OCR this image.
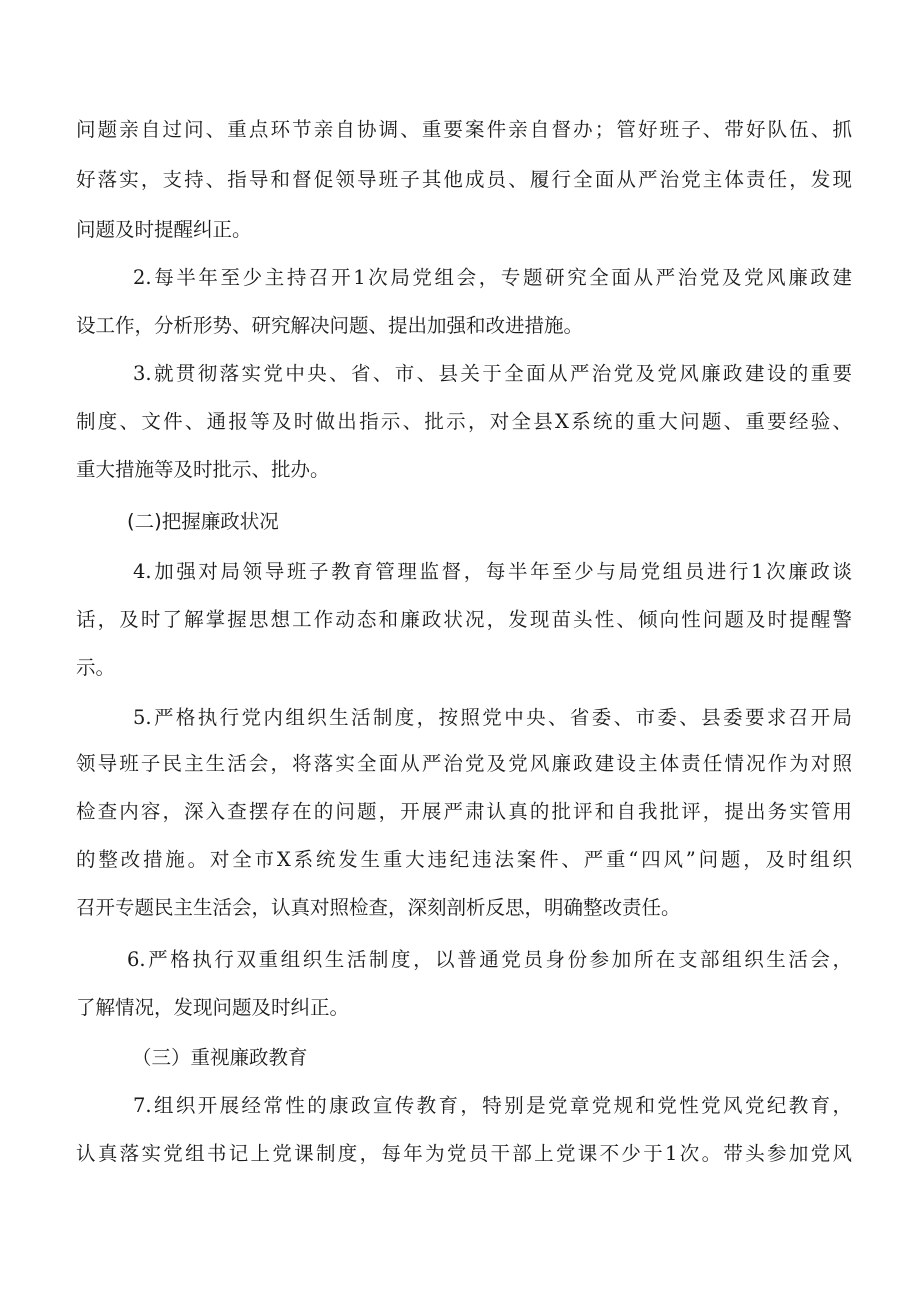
问题亲自过问、重点环节亲自协调、重要案件亲自督办；管好班子、带好队伍、抓
好落实，支持、指导和督促领导班子其他成员、履行全面从严治党主体责任，发现
问题及时提醒纠正。
2.每半年至少主持召开1次局党组会，专题研究全面从严治党及党风廉政建
设工作，分析形势、研究解决问题、提出加强和改进措施。
3.就贯彻落实党中央、省、市、县关于全面从严治党及党风廉政建设的重要
制度、文件、通报等及时做出指示、批示，对全县X系统的重大问题、重要经验、
重大措施等及时批示、批办。
(二)把握廉政状况
4.加强对局领导班子教育管理监督，每半年至少与局党组员进行1次廉政谈
话，及时了解掌握思想工作动态和廉政状况，发现苗头性、倾向性问题及时提醒警
示。
5.严格执行党内组织生活制度，按照党中央、省委、市委、县委要求召开局
领导班子民主生活会，将落实全面从严治党及党风廉政建设主体责任情况作为对照
检查内容，深入查摆存在的问题，开展严肃认真的批评和自我批评，提出务实管用
的整改措施。对全市X系统发生重大违纪违法案件、严重“四风”问题，及时组织
召开专题民主生活会，认真对照检查，深刻剖析反思，明确整改责任。
6.严格执行双重组织生活制度，以普通党员身份参加所在支部组织生活会，
了解情况，发现问题及时纠正。
（三）重视廉政教育
7.组织开展经常性的康政宣传教育，特别是党章党规和党性党风党纪教育，
认真落实党组书记上党课制度，每年为党员干部上党课不少于1次。带头参加党风
